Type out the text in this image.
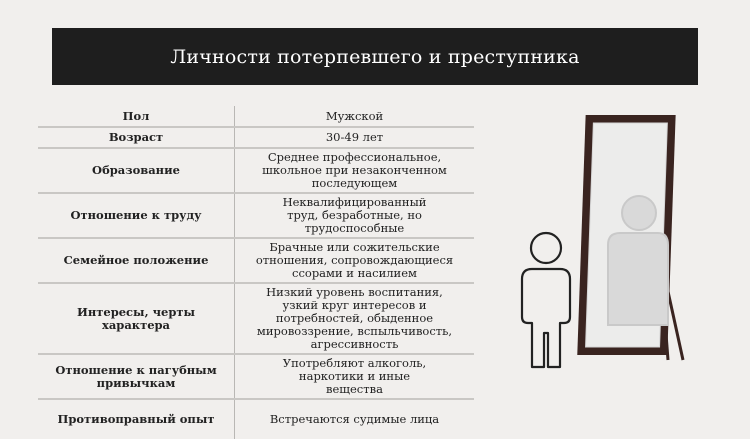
Личности потерпевшего и преступника
Пол	Мужской
Возраст	30-49 лет
Образование	Среднее профессиональное, школьное при незаконченном последующем
Отношение к труду	Неквалифицированный труд, безработные, но трудоспособные
Семейное положение	Брачные или сожительские отношения, сопровождающиеся ссорами и насилием
Интересы, черты характера	Низкий уровень воспитания, узкий круг интересов и потребностей, обыденное мировоззрение, вспыльчивость, агрессивность
Отношение к пагубным привычкам	Употребляют алкоголь, наркотики и иные вещества
Противоправный опыт	Встречаются судимые лица
